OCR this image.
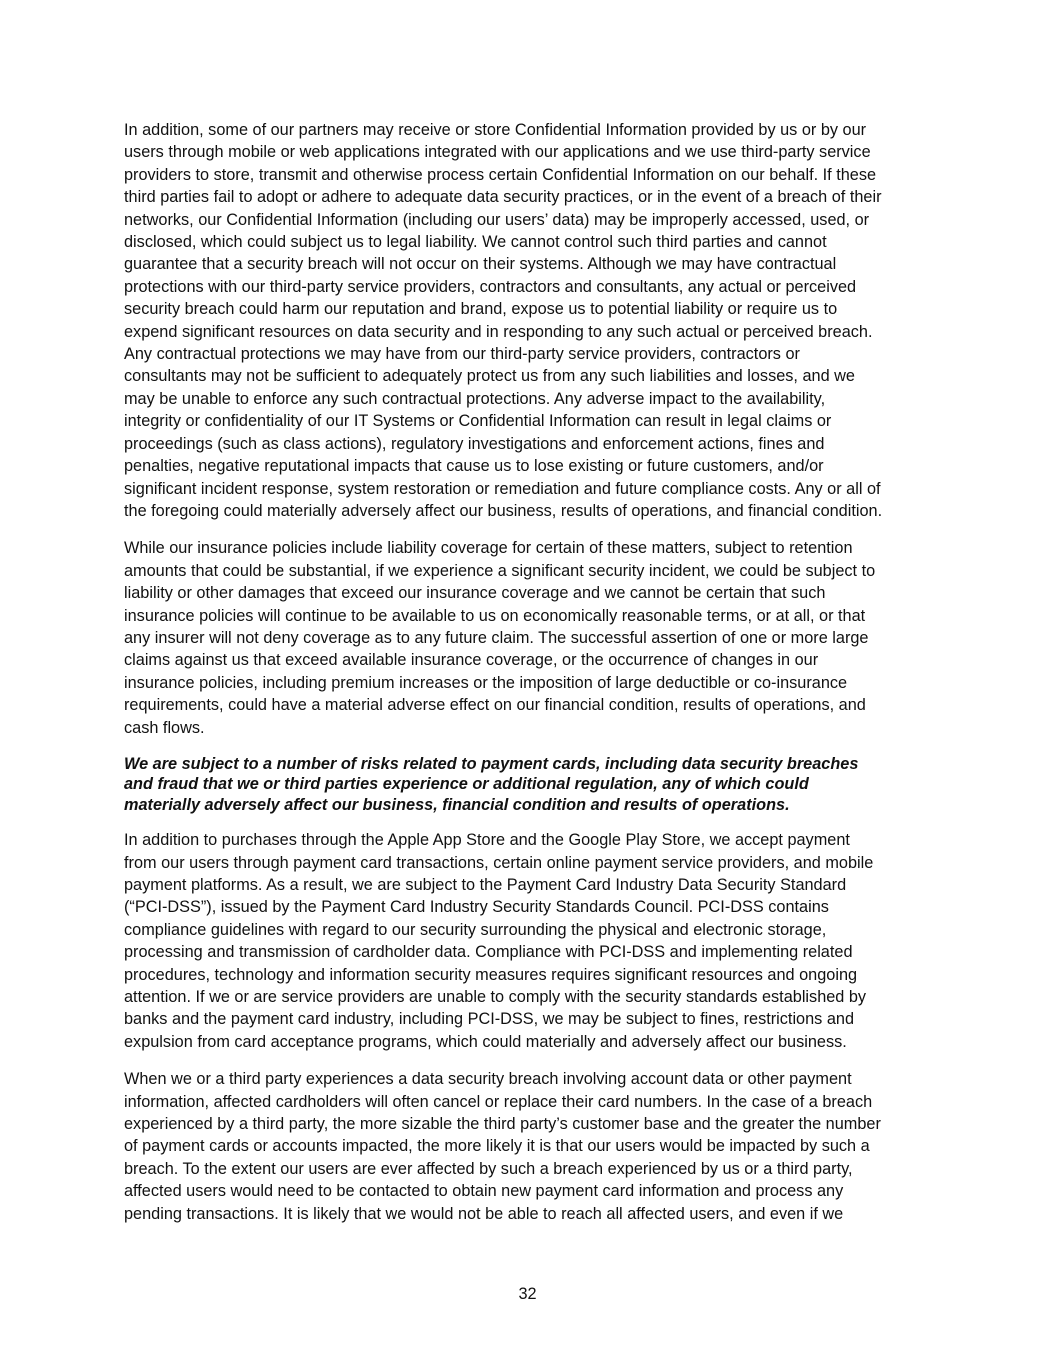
In addition, some of our partners may receive or store Confidential Information provided by us or by our
users through mobile or web applications integrated with our applications and we use third-party service
providers to store, transmit and otherwise process certain Confidential Information on our behalf. If these
third parties fail to adopt or adhere to adequate data security practices, or in the event of a breach of their
networks, our Confidential Information (including our users’ data) may be improperly accessed, used, or
disclosed, which could subject us to legal liability. We cannot control such third parties and cannot
guarantee that a security breach will not occur on their systems. Although we may have contractual
protections with our third-party service providers, contractors and consultants, any actual or perceived
security breach could harm our reputation and brand, expose us to potential liability or require us to
expend significant resources on data security and in responding to any such actual or perceived breach.
Any contractual protections we may have from our third-party service providers, contractors or
consultants may not be sufficient to adequately protect us from any such liabilities and losses, and we
may be unable to enforce any such contractual protections. Any adverse impact to the availability,
integrity or confidentiality of our IT Systems or Confidential Information can result in legal claims or
proceedings (such as class actions), regulatory investigations and enforcement actions, fines and
penalties, negative reputational impacts that cause us to lose existing or future customers, and/or
significant incident response, system restoration or remediation and future compliance costs. Any or all of
the foregoing could materially adversely affect our business, results of operations, and financial condition.

While our insurance policies include liability coverage for certain of these matters, subject to retention
amounts that could be substantial, if we experience a significant security incident, we could be subject to
liability or other damages that exceed our insurance coverage and we cannot be certain that such
insurance policies will continue to be available to us on economically reasonable terms, or at all, or that
any insurer will not deny coverage as to any future claim. The successful assertion of one or more large
claims against us that exceed available insurance coverage, or the occurrence of changes in our
insurance policies, including premium increases or the imposition of large deductible or co-insurance
requirements, could have a material adverse effect on our financial condition, results of operations, and
cash flows.

We are subject to a number of risks related to payment cards, including data security breaches
and fraud that we or third parties experience or additional regulation, any of which could
materially adversely affect our business, financial condition and results of operations.

In addition to purchases through the Apple App Store and the Google Play Store, we accept payment
from our users through payment card transactions, certain online payment service providers, and mobile
payment platforms. As a result, we are subject to the Payment Card Industry Data Security Standard
(“PCI-DSS”), issued by the Payment Card Industry Security Standards Council. PCI-DSS contains
compliance guidelines with regard to our security surrounding the physical and electronic storage,
processing and transmission of cardholder data. Compliance with PCI-DSS and implementing related
procedures, technology and information security measures requires significant resources and ongoing
attention. If we or are service providers are unable to comply with the security standards established by
banks and the payment card industry, including PCI-DSS, we may be subject to fines, restrictions and
expulsion from card acceptance programs, which could materially and adversely affect our business.

When we or a third party experiences a data security breach involving account data or other payment
information, affected cardholders will often cancel or replace their card numbers. In the case of a breach
experienced by a third party, the more sizable the third party’s customer base and the greater the number
of payment cards or accounts impacted, the more likely it is that our users would be impacted by such a
breach. To the extent our users are ever affected by such a breach experienced by us or a third party,
affected users would need to be contacted to obtain new payment card information and process any
pending transactions. It is likely that we would not be able to reach all affected users, and even if we

32
